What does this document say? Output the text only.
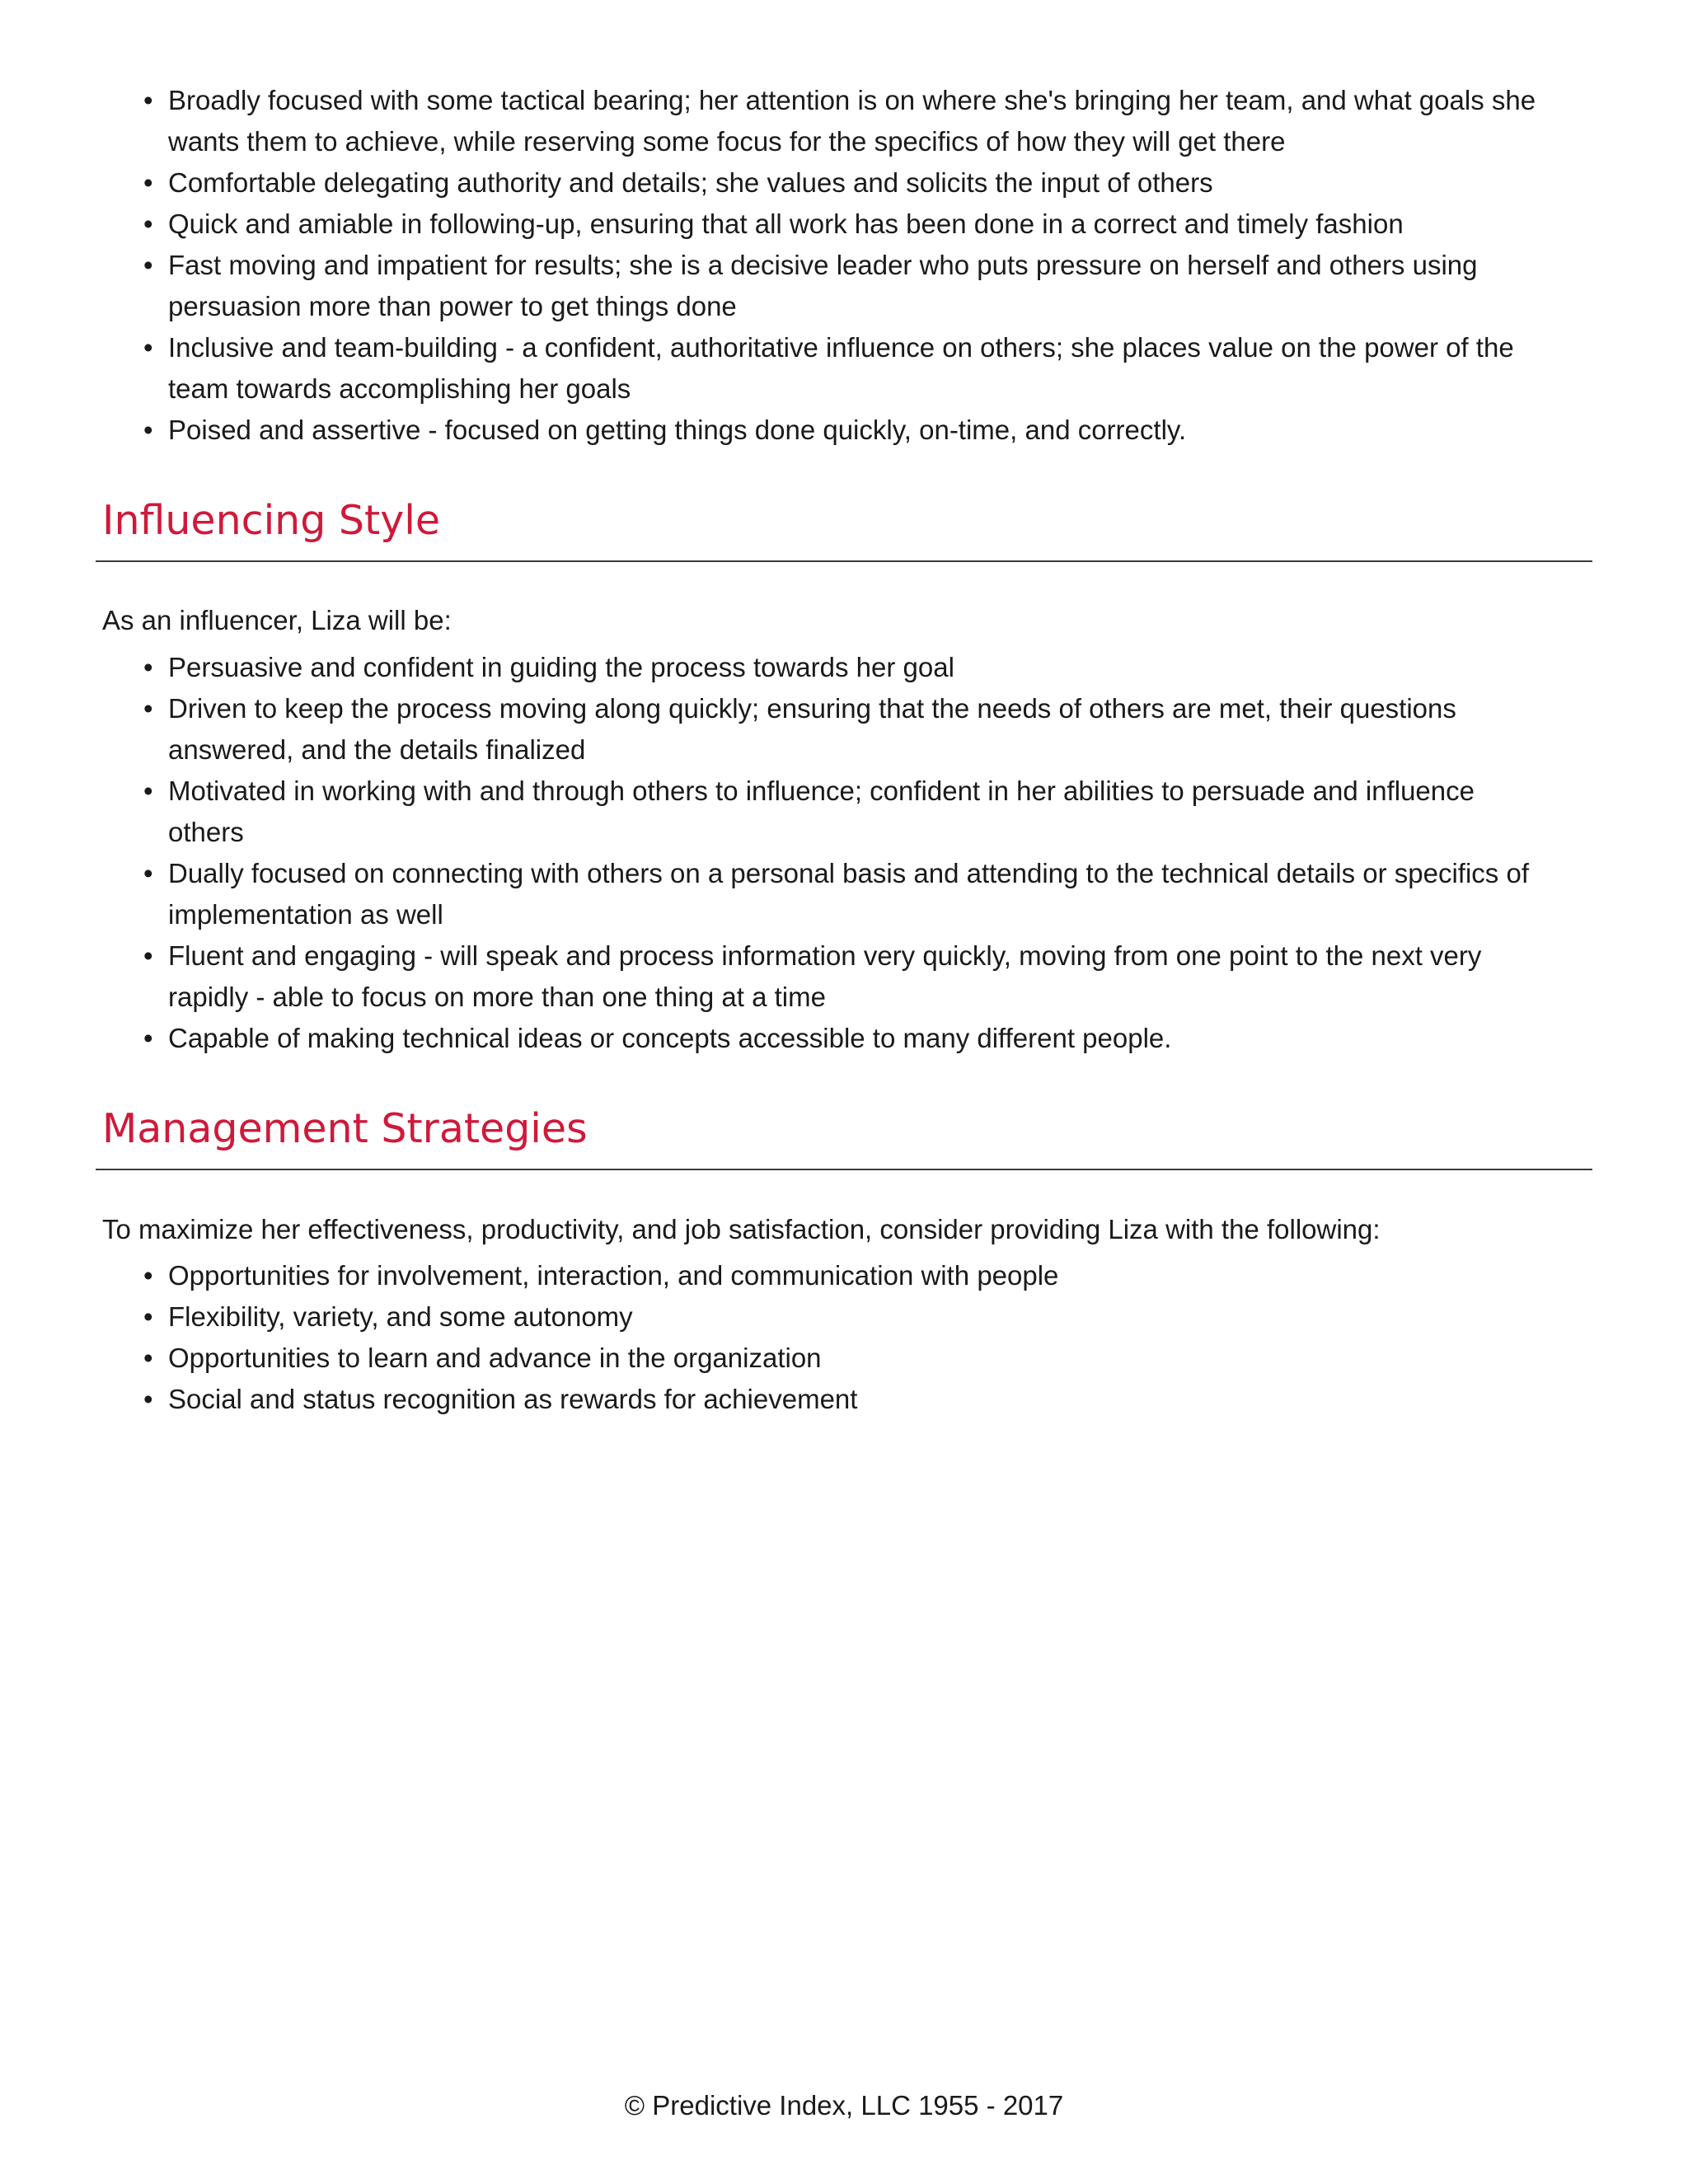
• Broadly focused with some tactical bearing; her attention is on where she's bringing her team, and what goals she wants them to achieve, while reserving some focus for the specifics of how they will get there
• Comfortable delegating authority and details; she values and solicits the input of others
• Quick and amiable in following-up, ensuring that all work has been done in a correct and timely fashion
• Fast moving and impatient for results; she is a decisive leader who puts pressure on herself and others using persuasion more than power to get things done
• Inclusive and team-building - a confident, authoritative influence on others; she places value on the power of the team towards accomplishing her goals
• Poised and assertive - focused on getting things done quickly, on-time, and correctly.
Influencing Style

As an influencer, Liza will be:

• Persuasive and confident in guiding the process towards her goal
• Driven to keep the process moving along quickly; ensuring that the needs of others are met, their questions answered, and the details finalized
• Motivated in working with and through others to influence; confident in her abilities to persuade and influence others
• Dually focused on connecting with others on a personal basis and attending to the technical details or specifics of implementation as well
• Fluent and engaging - will speak and process information very quickly, moving from one point to the next very rapidly - able to focus on more than one thing at a time
• Capable of making technical ideas or concepts accessible to many different people.
Management Strategies

To maximize her effectiveness, productivity, and job satisfaction, consider providing Liza with the following:

• Opportunities for involvement, interaction, and communication with people
• Flexibility, variety, and some autonomy
• Opportunities to learn and advance in the organization
• Social and status recognition as rewards for achievement
© Predictive Index, LLC 1955 - 2017
